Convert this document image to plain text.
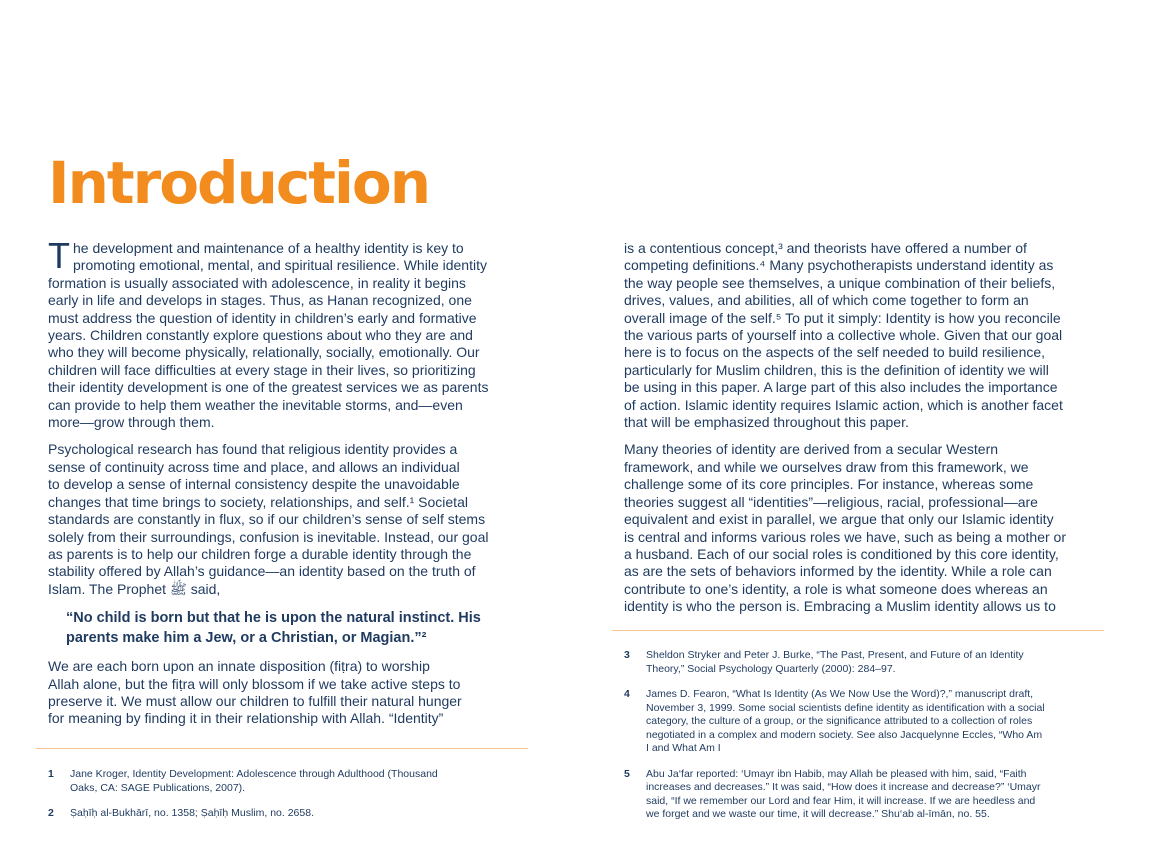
Introduction

The development and maintenance of a healthy identity is key to
promoting emotional, mental, and spiritual resilience. While identity
formation is usually associated with adolescence, in reality it begins
early in life and develops in stages. Thus, as Hanan recognized, one
must address the question of identity in children’s early and formative
years. Children constantly explore questions about who they are and
who they will become physically, relationally, socially, emotionally. Our
children will face difficulties at every stage in their lives, so prioritizing
their identity development is one of the greatest services we as parents
can provide to help them weather the inevitable storms, and—even
more—grow through them.

Psychological research has found that religious identity provides a
sense of continuity across time and place, and allows an individual
to develop a sense of internal consistency despite the unavoidable
changes that time brings to society, relationships, and self.¹ Societal
standards are constantly in flux, so if our children’s sense of self stems
solely from their surroundings, confusion is inevitable. Instead, our goal
as parents is to help our children forge a durable identity through the
stability offered by Allah’s guidance—an identity based on the truth of
Islam. The Prophet ﷺ said,

“No child is born but that he is upon the natural instinct. His
parents make him a Jew, or a Christian, or Magian.”²

We are each born upon an innate disposition (fiṭra) to worship
Allah alone, but the fiṭra will only blossom if we take active steps to
preserve it. We must allow our children to fulfill their natural hunger
for meaning by finding it in their relationship with Allah. “Identity”

is a contentious concept,³ and theorists have offered a number of
competing definitions.⁴ Many psychotherapists understand identity as
the way people see themselves, a unique combination of their beliefs,
drives, values, and abilities, all of which come together to form an
overall image of the self.⁵ To put it simply: Identity is how you reconcile
the various parts of yourself into a collective whole. Given that our goal
here is to focus on the aspects of the self needed to build resilience,
particularly for Muslim children, this is the definition of identity we will
be using in this paper. A large part of this also includes the importance
of action. Islamic identity requires Islamic action, which is another facet
that will be emphasized throughout this paper.

Many theories of identity are derived from a secular Western
framework, and while we ourselves draw from this framework, we
challenge some of its core principles. For instance, whereas some
theories suggest all “identities”—religious, racial, professional—are
equivalent and exist in parallel, we argue that only our Islamic identity
is central and informs various roles we have, such as being a mother or
a husband. Each of our social roles is conditioned by this core identity,
as are the sets of behaviors informed by the identity. While a role can
contribute to one’s identity, a role is what someone does whereas an
identity is who the person is. Embracing a Muslim identity allows us to

1	Jane Kroger, Identity Development: Adolescence through Adulthood (Thousand
Oaks, CA: SAGE Publications, 2007).
2	Ṣaḥīḥ al-Bukhārī, no. 1358; Ṣaḥīḥ Muslim, no. 2658.
3	Sheldon Stryker and Peter J. Burke, “The Past, Present, and Future of an Identity
Theory,” Social Psychology Quarterly (2000): 284–97.
4	James D. Fearon, “What Is Identity (As We Now Use the Word)?,” manuscript draft,
November 3, 1999. Some social scientists define identity as identification with a social
category, the culture of a group, or the significance attributed to a collection of roles
negotiated in a complex and modern society. See also Jacquelynne Eccles, “Who Am
I and What Am I
5	Abu Ja‘far reported: ‘Umayr ibn Habib, may Allah be pleased with him, said, “Faith
increases and decreases.” It was said, “How does it increase and decrease?” ‘Umayr
said, “If we remember our Lord and fear Him, it will increase. If we are heedless and
we forget and we waste our time, it will decrease.” Shu‘ab al-īmān, no. 55.
